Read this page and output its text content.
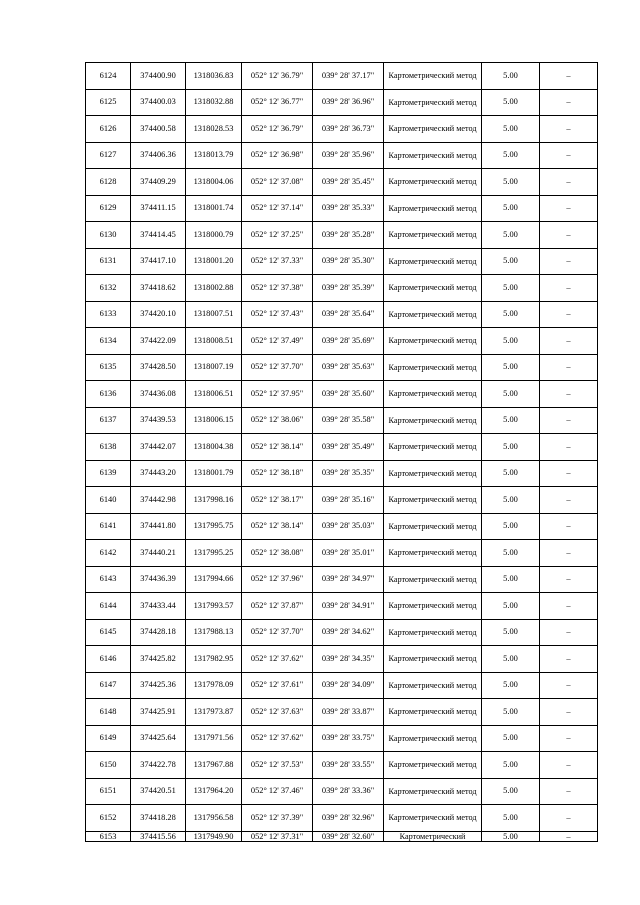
6124	374400.90	1318036.83	052° 12' 36.79"	039° 28' 37.17"	Картометрический метод	5.00	–
6125	374400.03	1318032.88	052° 12' 36.77"	039° 28' 36.96"	Картометрический метод	5.00	–
6126	374400.58	1318028.53	052° 12' 36.79"	039° 28' 36.73"	Картометрический метод	5.00	–
6127	374406.36	1318013.79	052° 12' 36.98"	039° 28' 35.96"	Картометрический метод	5.00	–
6128	374409.29	1318004.06	052° 12' 37.08"	039° 28' 35.45"	Картометрический метод	5.00	–
6129	374411.15	1318001.74	052° 12' 37.14"	039° 28' 35.33"	Картометрический метод	5.00	–
6130	374414.45	1318000.79	052° 12' 37.25"	039° 28' 35.28"	Картометрический метод	5.00	–
6131	374417.10	1318001.20	052° 12' 37.33"	039° 28' 35.30"	Картометрический метод	5.00	–
6132	374418.62	1318002.88	052° 12' 37.38"	039° 28' 35.39"	Картометрический метод	5.00	–
6133	374420.10	1318007.51	052° 12' 37.43"	039° 28' 35.64"	Картометрический метод	5.00	–
6134	374422.09	1318008.51	052° 12' 37.49"	039° 28' 35.69"	Картометрический метод	5.00	–
6135	374428.50	1318007.19	052° 12' 37.70"	039° 28' 35.63"	Картометрический метод	5.00	–
6136	374436.08	1318006.51	052° 12' 37.95"	039° 28' 35.60"	Картометрический метод	5.00	–
6137	374439.53	1318006.15	052° 12' 38.06"	039° 28' 35.58"	Картометрический метод	5.00	–
6138	374442.07	1318004.38	052° 12' 38.14"	039° 28' 35.49"	Картометрический метод	5.00	–
6139	374443.20	1318001.79	052° 12' 38.18"	039° 28' 35.35"	Картометрический метод	5.00	–
6140	374442.98	1317998.16	052° 12' 38.17"	039° 28' 35.16"	Картометрический метод	5.00	–
6141	374441.80	1317995.75	052° 12' 38.14"	039° 28' 35.03"	Картометрический метод	5.00	–
6142	374440.21	1317995.25	052° 12' 38.08"	039° 28' 35.01"	Картометрический метод	5.00	–
6143	374436.39	1317994.66	052° 12' 37.96"	039° 28' 34.97"	Картометрический метод	5.00	–
6144	374433.44	1317993.57	052° 12' 37.87"	039° 28' 34.91"	Картометрический метод	5.00	–
6145	374428.18	1317988.13	052° 12' 37.70"	039° 28' 34.62"	Картометрический метод	5.00	–
6146	374425.82	1317982.95	052° 12' 37.62"	039° 28' 34.35"	Картометрический метод	5.00	–
6147	374425.36	1317978.09	052° 12' 37.61"	039° 28' 34.09"	Картометрический метод	5.00	–
6148	374425.91	1317973.87	052° 12' 37.63"	039° 28' 33.87"	Картометрический метод	5.00	–
6149	374425.64	1317971.56	052° 12' 37.62"	039° 28' 33.75"	Картометрический метод	5.00	–
6150	374422.78	1317967.88	052° 12' 37.53"	039° 28' 33.55"	Картометрический метод	5.00	–
6151	374420.51	1317964.20	052° 12' 37.46"	039° 28' 33.36"	Картометрический метод	5.00	–
6152	374418.28	1317956.58	052° 12' 37.39"	039° 28' 32.96"	Картометрический метод	5.00	–
6153	374415.56	1317949.90	052° 12' 37.31"	039° 28' 32.60"	Картометрический	5.00	–
